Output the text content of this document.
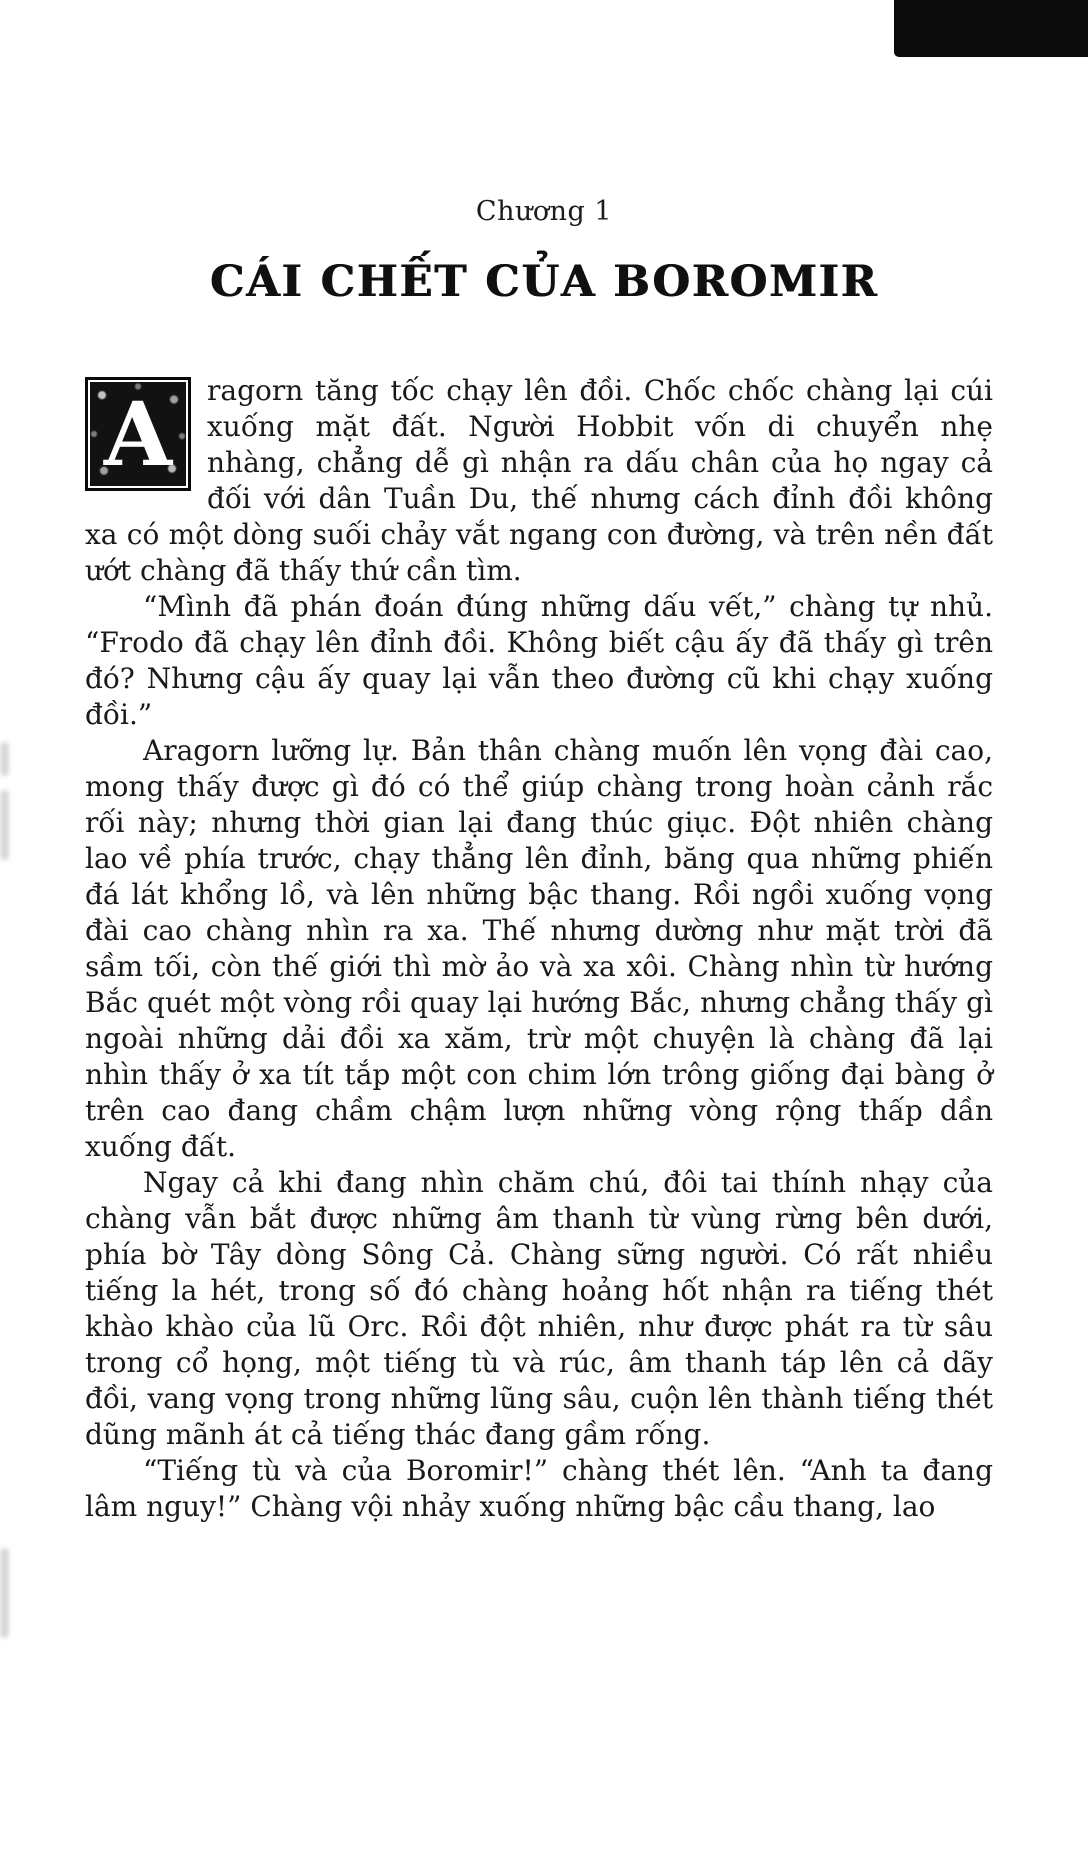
Chương 1
CÁI CHẾT CỦA BOROMIR

A	ragorn tăng tốc chạy lên đồi. Chốc chốc chàng lại cúi xuống mặt đất. Người Hobbit vốn di chuyển nhẹ nhàng, chẳng dễ gì nhận ra dấu chân của họ ngay cả đối với dân Tuần Du, thế nhưng cách đỉnh đồi không xa có một dòng suối chảy vắt ngang con đường, và trên nền đất ướt chàng đã thấy thứ cần tìm.

“Mình đã phán đoán đúng những dấu vết,” chàng tự nhủ. “Frodo đã chạy lên đỉnh đồi. Không biết cậu ấy đã thấy gì trên đó? Nhưng cậu ấy quay lại vẫn theo đường cũ khi chạy xuống đồi.”

Aragorn lưỡng lự. Bản thân chàng muốn lên vọng đài cao, mong thấy được gì đó có thể giúp chàng trong hoàn cảnh rắc rối này; nhưng thời gian lại đang thúc giục. Đột nhiên chàng lao về phía trước, chạy thẳng lên đỉnh, băng qua những phiến đá lát khổng lồ, và lên những bậc thang. Rồi ngồi xuống vọng đài cao chàng nhìn ra xa. Thế nhưng dường như mặt trời đã sầm tối, còn thế giới thì mờ ảo và xa xôi. Chàng nhìn từ hướng Bắc quét một vòng rồi quay lại hướng Bắc, nhưng chẳng thấy gì ngoài những dải đồi xa xăm, trừ một chuyện là chàng đã lại nhìn thấy ở xa tít tắp một con chim lớn trông giống đại bàng ở trên cao đang chầm chậm lượn những vòng rộng thấp dần xuống đất.

Ngay cả khi đang nhìn chăm chú, đôi tai thính nhạy của chàng vẫn bắt được những âm thanh từ vùng rừng bên dưới, phía bờ Tây dòng Sông Cả. Chàng sững người. Có rất nhiều tiếng la hét, trong số đó chàng hoảng hốt nhận ra tiếng thét khào khào của lũ Orc. Rồi đột nhiên, như được phát ra từ sâu trong cổ họng, một tiếng tù và rúc, âm thanh táp lên cả dãy đồi, vang vọng trong những lũng sâu, cuộn lên thành tiếng thét dũng mãnh át cả tiếng thác đang gầm rống.

“Tiếng tù và của Boromir!” chàng thét lên. “Anh ta đang lâm nguy!” Chàng vội nhảy xuống những bậc cầu thang, lao
